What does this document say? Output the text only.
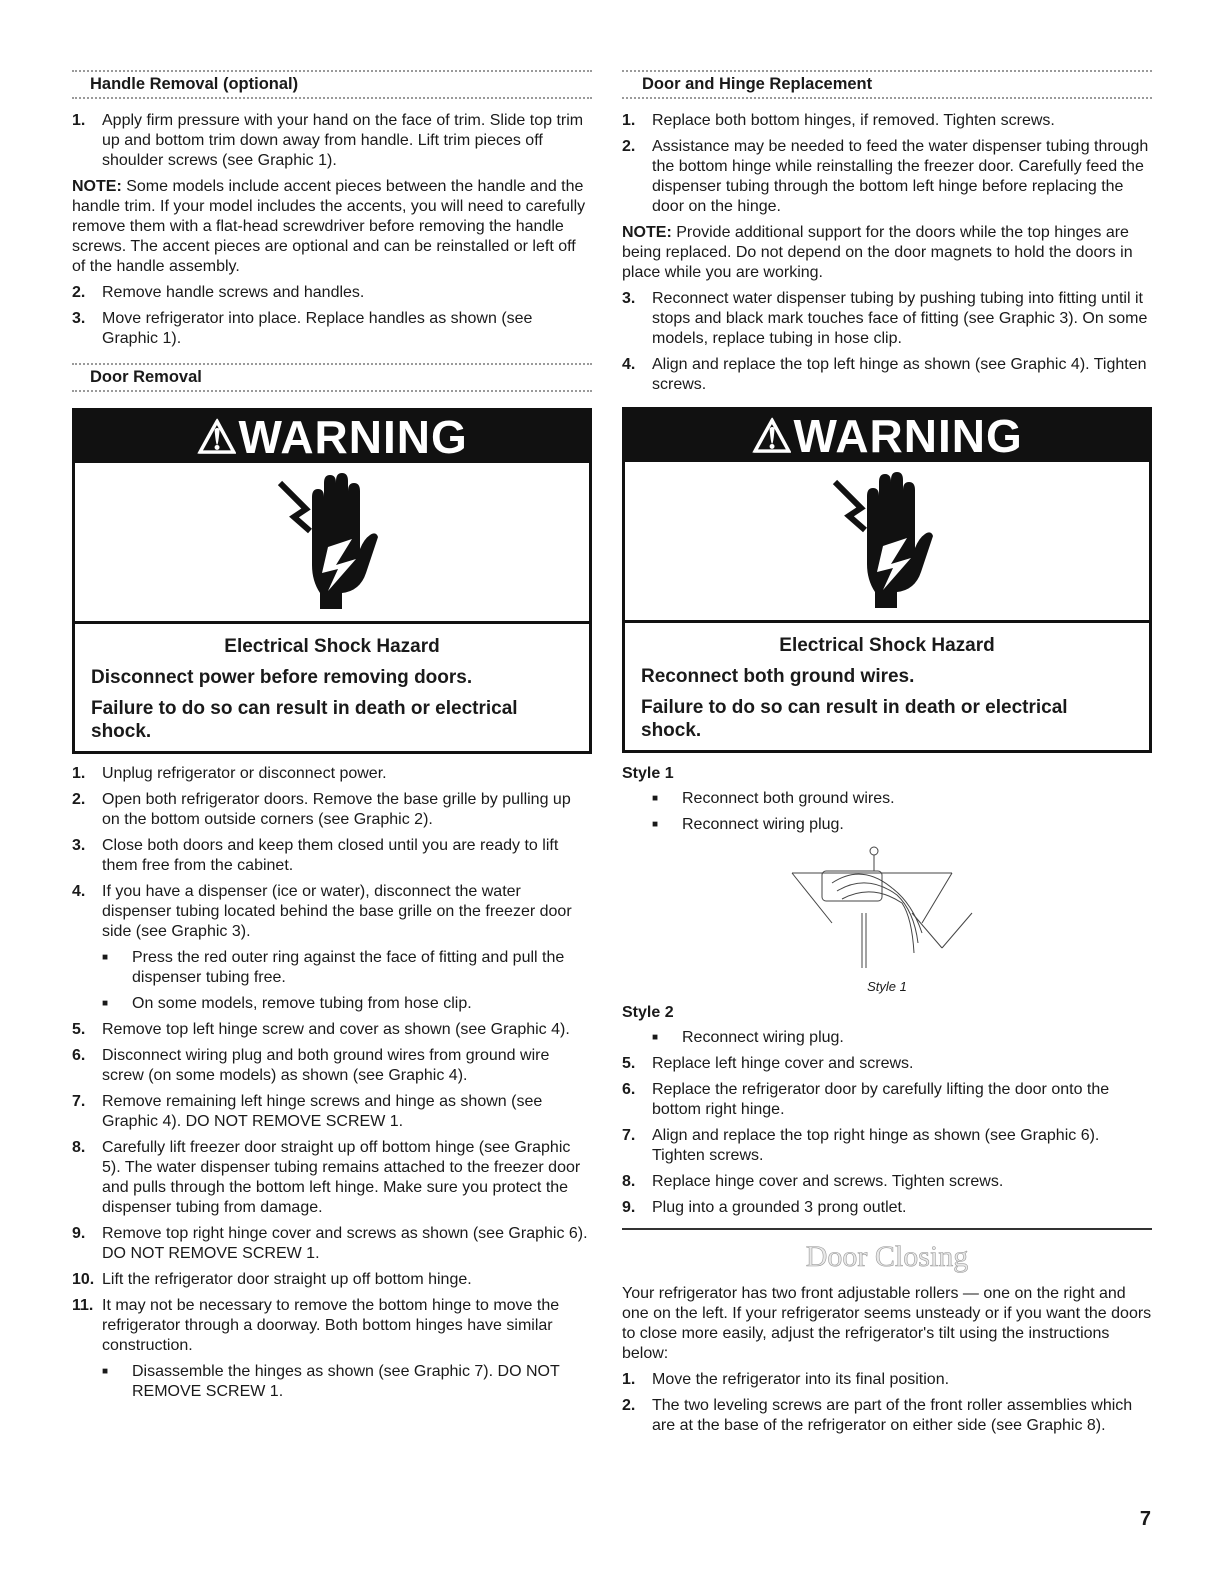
Handle Removal (optional)
1. Apply firm pressure with your hand on the face of trim. Slide top trim up and bottom trim down away from handle. Lift trim pieces off shoulder screws (see Graphic 1).

NOTE: Some models include accent pieces between the handle and the handle trim. If your model includes the accents, you will need to carefully remove them with a flat-head screwdriver before removing the handle screws. The accent pieces are optional and can be reinstalled or left off of the handle assembly.

2. Remove handle screws and handles.
3. Move refrigerator into place. Replace handles as shown (see Graphic 1).
Door Removal
⚠WARNING
Electrical Shock Hazard
Disconnect power before removing doors.
Failure to do so can result in death or electrical shock.
1. Unplug refrigerator or disconnect power.
2. Open both refrigerator doors. Remove the base grille by pulling up on the bottom outside corners (see Graphic 2).
3. Close both doors and keep them closed until you are ready to lift them free from the cabinet.
4. If you have a dispenser (ice or water), disconnect the water dispenser tubing located behind the base grille on the freezer door side (see Graphic 3).
■ Press the red outer ring against the face of fitting and pull the dispenser tubing free.
■ On some models, remove tubing from hose clip.
5. Remove top left hinge screw and cover as shown (see Graphic 4).
6. Disconnect wiring plug and both ground wires from ground wire screw (on some models) as shown (see Graphic 4).
7. Remove remaining left hinge screws and hinge as shown (see Graphic 4). DO NOT REMOVE SCREW 1.
8. Carefully lift freezer door straight up off bottom hinge (see Graphic 5). The water dispenser tubing remains attached to the freezer door and pulls through the bottom left hinge. Make sure you protect the dispenser tubing from damage.
9. Remove top right hinge cover and screws as shown (see Graphic 6). DO NOT REMOVE SCREW 1.
10. Lift the refrigerator door straight up off bottom hinge.
11. It may not be necessary to remove the bottom hinge to move the refrigerator through a doorway. Both bottom hinges have similar construction.
■ Disassemble the hinges as shown (see Graphic 7). DO NOT REMOVE SCREW 1.
Door and Hinge Replacement
1. Replace both bottom hinges, if removed. Tighten screws.
2. Assistance may be needed to feed the water dispenser tubing through the bottom hinge while reinstalling the freezer door. Carefully feed the dispenser tubing through the bottom left hinge before replacing the door on the hinge.

NOTE: Provide additional support for the doors while the top hinges are being replaced. Do not depend on the door magnets to hold the doors in place while you are working.

3. Reconnect water dispenser tubing by pushing tubing into fitting until it stops and black mark touches face of fitting (see Graphic 3). On some models, replace tubing in hose clip.
4. Align and replace the top left hinge as shown (see Graphic 4). Tighten screws.
⚠WARNING
Electrical Shock Hazard
Reconnect both ground wires.
Failure to do so can result in death or electrical shock.
Style 1
■ Reconnect both ground wires.
■ Reconnect wiring plug.
Style 1
Style 2
■ Reconnect wiring plug.
5. Replace left hinge cover and screws.
6. Replace the refrigerator door by carefully lifting the door onto the bottom right hinge.
7. Align and replace the top right hinge as shown (see Graphic 6). Tighten screws.
8. Replace hinge cover and screws. Tighten screws.
9. Plug into a grounded 3 prong outlet.
Door Closing

Your refrigerator has two front adjustable rollers — one on the right and one on the left. If your refrigerator seems unsteady or if you want the doors to close more easily, adjust the refrigerator's tilt using the instructions below:

1. Move the refrigerator into its final position.
2. The two leveling screws are part of the front roller assemblies which are at the base of the refrigerator on either side (see Graphic 8).
7
